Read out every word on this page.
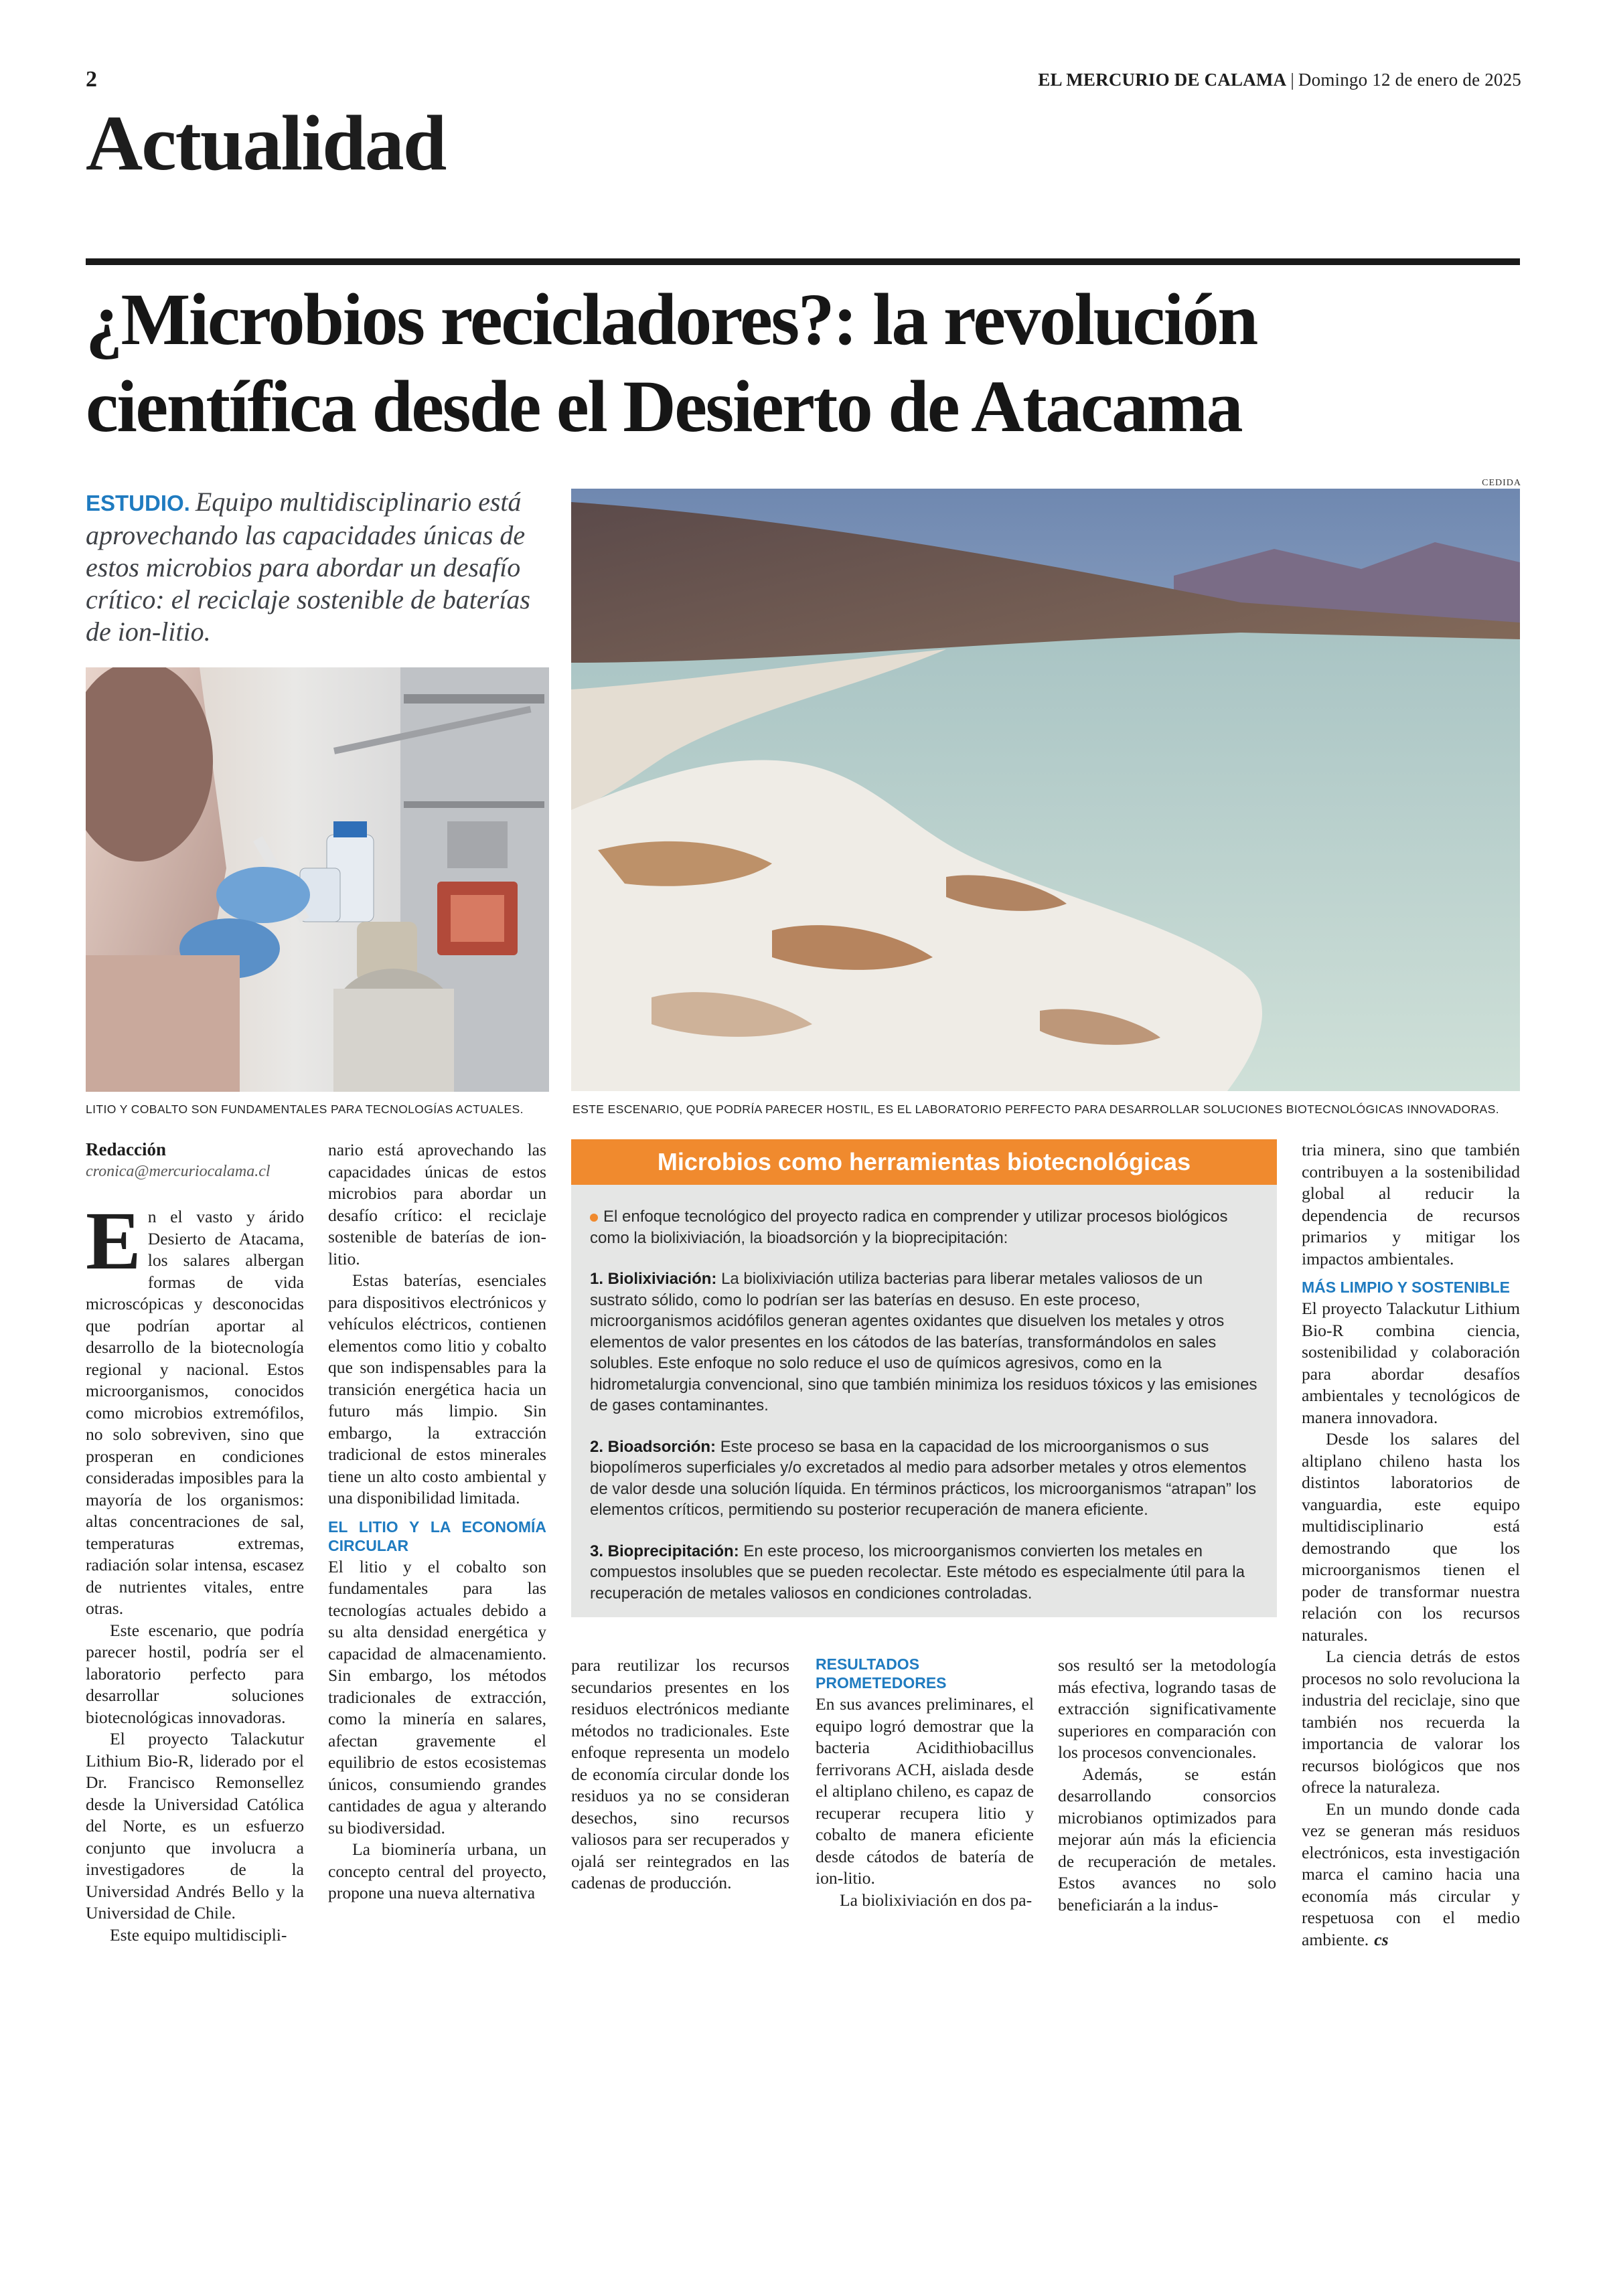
2	EL MERCURIO DE CALAMA | Domingo 12 de enero de 2025
Actualidad
¿Microbios recicladores?: la revolución
científica desde el Desierto de Atacama
ESTUDIO. Equipo multidisciplinario está aprovechando las capacidades únicas de estos microbios para abordar un desafío crítico: el reciclaje sostenible de baterías de ion-litio.
CEDIDA
LITIO Y COBALTO SON FUNDAMENTALES PARA TECNOLOGÍAS ACTUALES.	ESTE ESCENARIO, QUE PODRÍA PARECER HOSTIL, ES EL LABORATORIO PERFECTO PARA DESARROLLAR SOLUCIONES BIOTECNOLÓGICAS INNOVADORAS.
Redacción
cronica@mercuriocalama.cl

En el vasto y árido Desierto de Atacama, los salares albergan formas de vida microscópicas y desconocidas que podrían aportar al desarrollo de la biotecnología regional y nacional. Estos microorganismos, conocidos como microbios extremófilos, no solo sobreviven, sino que prosperan en condiciones consideradas imposibles para la mayoría de los organismos: altas concentraciones de sal, temperaturas extremas, radiación solar intensa, escasez de nutrientes vitales, entre otras.

Este escenario, que podría parecer hostil, podría ser el laboratorio perfecto para desarrollar soluciones biotecnológicas innovadoras.

El proyecto Talackutur Lithium Bio-R, liderado por el Dr. Francisco Remonsellez desde la Universidad Católica del Norte, es un esfuerzo conjunto que involucra a investigadores de la Universidad Andrés Bello y la Universidad de Chile.

Este equipo multidiscipli-

nario está aprovechando las capacidades únicas de estos microbios para abordar un desafío crítico: el reciclaje sostenible de baterías de ion-litio.

Estas baterías, esenciales para dispositivos electrónicos y vehículos eléctricos, contienen elementos como litio y cobalto que son indispensables para la transición energética hacia un futuro más limpio. Sin embargo, la extracción tradicional de estos minerales tiene un alto costo ambiental y una disponibilidad limitada.

EL LITIO Y LA ECONOMÍA CIRCULAR

El litio y el cobalto son fundamentales para las tecnologías actuales debido a su alta densidad energética y capacidad de almacenamiento. Sin embargo, los métodos tradicionales de extracción, como la minería en salares, afectan gravemente el equilibrio de estos ecosistemas únicos, consumiendo grandes cantidades de agua y alterando su biodiversidad.

La biominería urbana, un concepto central del proyecto, propone una nueva alternativa

Microbios como herramientas biotecnológicas

El enfoque tecnológico del proyecto radica en comprender y utilizar procesos biológicos como la biolixiviación, la bioadsorción y la bioprecipitación:

1. Biolixiviación: La biolixiviación utiliza bacterias para liberar metales valiosos de un sustrato sólido, como lo podrían ser las baterías en desuso. En este proceso, microorganismos acidófilos generan agentes oxidantes que disuelven los metales y otros elementos de valor presentes en los cátodos de las baterías, transformándolos en sales solubles. Este enfoque no solo reduce el uso de químicos agresivos, como en la hidrometalurgia convencional, sino que también minimiza los residuos tóxicos y las emisiones de gases contaminantes.

2. Bioadsorción: Este proceso se basa en la capacidad de los microorganismos o sus biopolímeros superficiales y/o excretados al medio para adsorber metales y otros elementos de valor desde una solución líquida. En términos prácticos, los microorganismos “atrapan” los elementos críticos, permitiendo su posterior recuperación de manera eficiente.

3. Bioprecipitación: En este proceso, los microorganismos convierten los metales en compuestos insolubles que se pueden recolectar. Este método es especialmente útil para la recuperación de metales valiosos en condiciones controladas.

para reutilizar los recursos secundarios presentes en los residuos electrónicos mediante métodos no tradicionales. Este enfoque representa un modelo de economía circular donde los residuos ya no se consideran desechos, sino recursos valiosos para ser recuperados y ojalá ser reintegrados en las cadenas de producción.

RESULTADOS PROMETEDORES

En sus avances preliminares, el equipo logró demostrar que la bacteria Acidithiobacillus ferrivorans ACH, aislada desde el altiplano chileno, es capaz de recuperar recupera litio y cobalto de manera eficiente desde cátodos de batería de ion-litio.

La biolixiviación en dos pa-

sos resultó ser la metodología más efectiva, logrando tasas de extracción significativamente superiores en comparación con los procesos convencionales.

Además, se están desarrollando consorcios microbianos optimizados para mejorar aún más la eficiencia de recuperación de metales. Estos avances no solo beneficiarán a la indus-

tria minera, sino que también contribuyen a la sostenibilidad global al reducir la dependencia de recursos primarios y mitigar los impactos ambientales.

MÁS LIMPIO Y SOSTENIBLE

El proyecto Talackutur Lithium Bio-R combina ciencia, sostenibilidad y colaboración para abordar desafíos ambientales y tecnológicos de manera innovadora.

Desde los salares del altiplano chileno hasta los distintos laboratorios de vanguardia, este equipo multidisciplinario está demostrando que los microorganismos tienen el poder de transformar nuestra relación con los recursos naturales.

La ciencia detrás de estos procesos no solo revoluciona la industria del reciclaje, sino que también nos recuerda la importancia de valorar los recursos biológicos que nos ofrece la naturaleza.

En un mundo donde cada vez se generan más residuos electrónicos, esta investigación marca el camino hacia una economía más circular y respetuosa con el medio ambiente. cs
